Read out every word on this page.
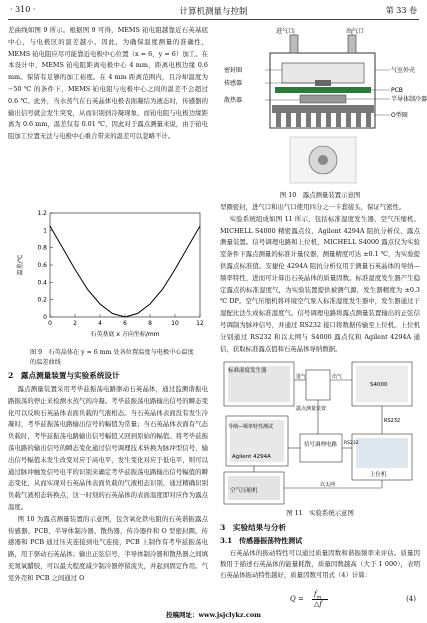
· 310 ·	计算机测量与控制	第 33 卷

差曲线如图 9 所示。根据图 9 可得，MEMS 铂电阻越靠近石英基底中心，与电极区的温差越小。因此，为确保温度测量的准确性，MEMS 铂电阻应尽可能靠近电极中心位置（x = 6，y = 6）加工。在本设计中，MEMS 铂电阻距离电极中心 4 mm，距离电极边缘 0.6 mm。保留有足够的加工裕度。在 4 mm 距离范围内，且冷却温度为 −50 ℃ 的条件下，MEMS 铂电阻与电极中心之间的温差不会超过 0.6 ℃。此外，当水蒸气在石英晶体电极表面凝结为液态时，传感器的输出信号就会发生突变，从而识别到冷凝现象，而铂电阻与电极边缘距离为 0.6 mm，温差仅有 0.01 ℃，因此对于露点测量来说，由于铂电阻加工位置无法与电极中心重合带来的温差可以忽略不计。

进气口	出气口
密封圈
传感器
散热器
气室外壳
PCB
半导体制冷器
O型圈
图 10　露点测量装置示意图

型圈密封，进气口和出气口使用四分之一卡套接头，保证气密性。

实验系统组成如图 11 所示，包括标准湿度发生器、空气压缩机、MICHELL S4000 精密露点仪、Agilent 4294A 阻抗分析仪、露点测量装置。信号调理电路和上位机，MICHELL S4000 露点仪为实验室条件下露点测量的标准计量仪器，测量精度可达 ±0.1 ℃，为实验提供露点标准值。安捷伦 4294A 阻抗分析仪用于测量石英晶体的导纳—频率特性，进而可计算出石英晶体的质量因数。标准湿度发生器产生稳定露点的标准湿度气，为实验装置提供被测气源，发生器精度为 ±0.3 ℃ DP。空气压缩机将环境空气泵入标准湿度发生器中，发生器通过干湿配比法生成标准湿度气。信号调理电路将露点测量装置输出的正弦信号调制为脉冲信号，并通过 RS232 接口将数据传输至上位机。上位机分别通过 RS232 和以太网与 S4000 露点仪和 Agilent 4294A 通信，获取标准露点值和石英晶体导纳数据。

0	2	4	6	8	10	12
0
0.2
0.4
0.6
0.8
1
1.2
石英基底 x 方向坐标/mm
温差/℃
图 9　石英晶体在 y = 6 mm 处各位置温度与电极中心温度的温差曲线
2　露点测量装置与实验系统设计

露点测量装置采用考毕兹振荡电路驱动石英晶体，通过监测谐振电路振荡的停止来检测水蒸气的冷凝。考毕兹振荡电路输出信号的瞬态变化可以反映石英晶体表面负载的气液相态。当石英晶体表面没有发生冷凝时，考毕兹振荡电路输出信号的幅值为常量；当石英晶体表面有气态负载时，考毕兹振荡电路输出信号幅值又回到原始的幅值。将考毕兹振荡电路的输出信号的瞬态变化通过信号调理技术转换为脉冲型信号，输出信号幅值未发生改变对应于高电平，发生变化对应于低电平，则可以通过脉冲触发信号电平的识别来确定考毕兹振荡电路输出信号幅值的瞬态变化，从而实现对石英晶体表面负载的气液相态识别，通过精确识别负载气液相态转换点，这一时刻的石英晶体的表面温度即对应作为露点温度。

图 10 为露点测量装置的示意图，包含氧化铁电阻的石英谐振露点传感器、PCB、半导体制冷器、散热器，传冷器件和 O 型密封圈。传感器和 PCB 通过压夹连接到电气连接，PCB 上制作有考毕兹振荡电路，用于驱动石英晶体；输出正弦信号，半导体制冷器和散热器之间填充氮氧醋胶，可以最大程度减少制冷器停留流失，并起到固定作用。气室外壳和 PCB 之间通过 O

标准湿度发生器
进气	出气
露点测量装置
S4000
RS232
导纳—频率特性测试
Agilent 4294A
信号调理电路 RS232
空气压缩机
以太网
上位机
图 11　实验系统示意图
3　实验结果与分析
3.1　传感器振荡特性测试

石英晶体的振动特性可以通过质量因数和谐振频率来评估。质量因数用于描述石英晶体的能量耗散，质量因数越高（大于 1 000），表明石英晶体振动特性越好，质量因数可用式（4）计算：

Q =
$f_m$
△f
(4)
投稿网址：www.jsjclykz.com
